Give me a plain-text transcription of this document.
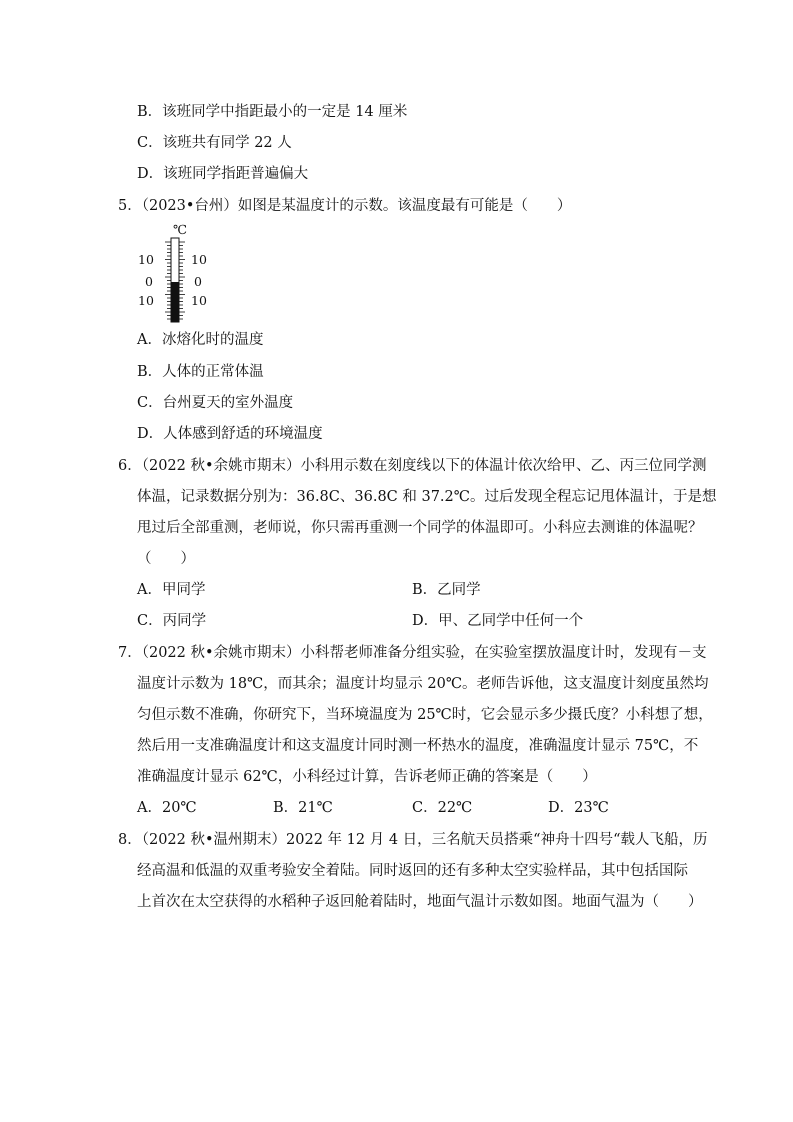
B．该班同学中指距最小的一定是 14 厘米
C．该班共有同学 22 人
D．该班同学指距普遍偏大
5．（2023•台州）如图是某温度计的示数。该温度最有可能是（　　）
℃
10
0
10
10
0
10
A．冰熔化时的温度
B．人体的正常体温
C．台州夏天的室外温度
D．人体感到舒适的环境温度
6．（2022 秋•余姚市期末）小科用示数在刻度线以下的体温计依次给甲、乙、丙三位同学测
体温，记录数据分别为：36.8C、36.8C 和 37.2℃。过后发现全程忘记甩体温计，于是想
甩过后全部重测，老师说，你只需再重测一个同学的体温即可。小科应去测谁的体温呢？
（　　）
A．甲同学	B．乙同学
C．丙同学	D．甲、乙同学中任何一个
7．（2022 秋•余姚市期末）小科帮老师准备分组实验，在实验室摆放温度计时，发现有－支
温度计示数为 18℃，而其余；温度计均显示 20℃。老师告诉他，这支温度计刻度虽然均
匀但示数不准确，你研究下，当环境温度为 25℃时，它会显示多少摄氏度？小科想了想，
然后用一支准确温度计和这支温度计同时测一杯热水的温度，准确温度计显示 75℃，不
准确温度计显示 62℃，小科经过计算，告诉老师正确的答案是（　　）
A．20℃	B．21℃	C．22℃	D．23℃
8．（2022 秋•温州期末）2022 年 12 月 4 日，三名航天员搭乘“神舟十四号“载人飞船，历
经高温和低温的双重考验安全着陆。同时返回的还有多种太空实验样品，其中包括国际
上首次在太空获得的水稻种子返回舱着陆时，地面气温计示数如图。地面气温为（　　）
